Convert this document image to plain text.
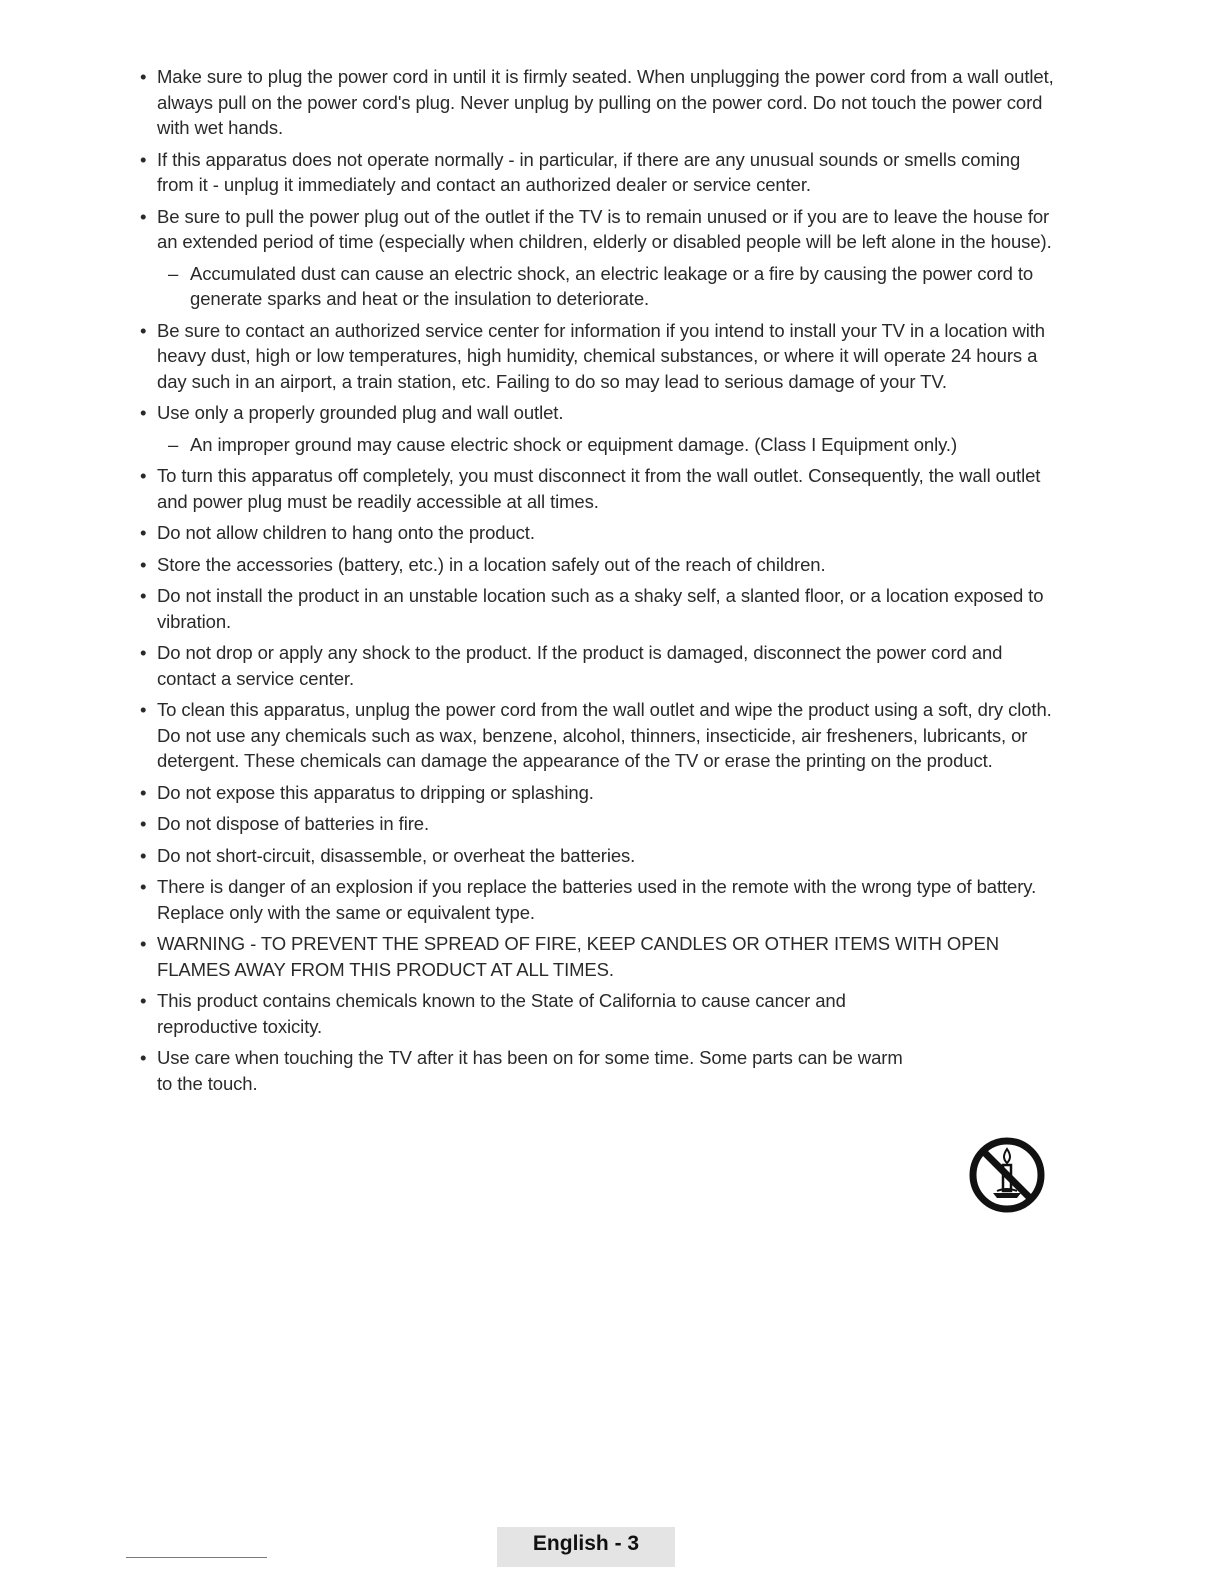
• Make sure to plug the power cord in until it is firmly seated. When unplugging the power cord from a wall outlet, always pull on the power cord's plug. Never unplug by pulling on the power cord. Do not touch the power cord with wet hands.
• If this apparatus does not operate normally - in particular, if there are any unusual sounds or smells coming from it - unplug it immediately and contact an authorized dealer or service center.
• Be sure to pull the power plug out of the outlet if the TV is to remain unused or if you are to leave the house for an extended period of time (especially when children, elderly or disabled people will be left alone in the house).
– Accumulated dust can cause an electric shock, an electric leakage or a fire by causing the power cord to generate sparks and heat or the insulation to deteriorate.
• Be sure to contact an authorized service center for information if you intend to install your TV in a location with heavy dust, high or low temperatures, high humidity, chemical substances, or where it will operate 24 hours a day such in an airport, a train station, etc. Failing to do so may lead to serious damage of your TV.
• Use only a properly grounded plug and wall outlet.
– An improper ground may cause electric shock or equipment damage. (Class I Equipment only.)
• To turn this apparatus off completely, you must disconnect it from the wall outlet. Consequently, the wall outlet and power plug must be readily accessible at all times.
• Do not allow children to hang onto the product.
• Store the accessories (battery, etc.) in a location safely out of the reach of children.
• Do not install the product in an unstable location such as a shaky self, a slanted floor, or a location exposed to vibration.
• Do not drop or apply any shock to the product. If the product is damaged, disconnect the power cord and contact a service center.
• To clean this apparatus, unplug the power cord from the wall outlet and wipe the product using a soft, dry cloth. Do not use any chemicals such as wax, benzene, alcohol, thinners, insecticide, air fresheners, lubricants, or detergent. These chemicals can damage the appearance of the TV or erase the printing on the product.
• Do not expose this apparatus to dripping or splashing.
• Do not dispose of batteries in fire.
• Do not short-circuit, disassemble, or overheat the batteries.
• There is danger of an explosion if you replace the batteries used in the remote with the wrong type of battery. Replace only with the same or equivalent type.
• WARNING - TO PREVENT THE SPREAD OF FIRE, KEEP CANDLES OR OTHER ITEMS WITH OPEN FLAMES AWAY FROM THIS PRODUCT AT ALL TIMES.
• This product contains chemicals known to the State of California to cause cancer and reproductive toxicity.
• Use care when touching the TV after it has been on for some time. Some parts can be warm to the touch.
English - 3
